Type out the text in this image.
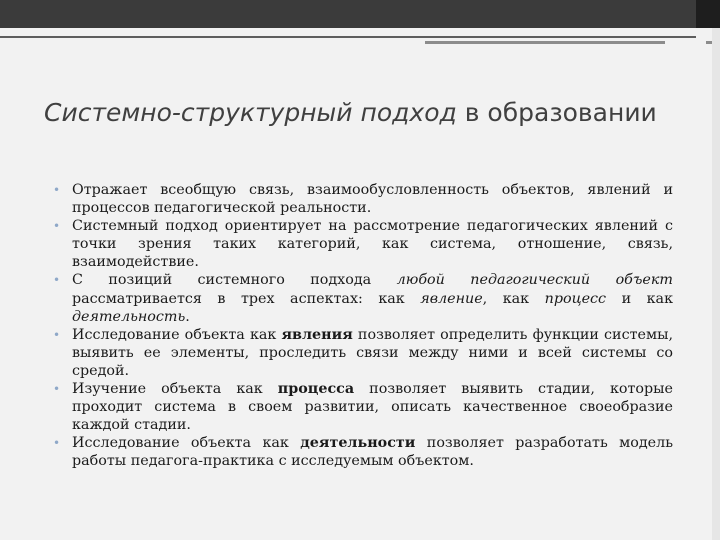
Системно-структурный подход в образовании
• Отражает всеобщую связь, взаимообусловленность объектов, явлений и процессов педагогической реальности.
• Системный подход ориентирует на рассмотрение педагогических явлений с точки зрения таких категорий, как система, отношение, связь, взаимодействие.
• С позиций системного подхода любой педагогический объект рассматривается в трех аспектах: как явление, как процесс и как деятельность.
• Исследование объекта как явления позволяет определить функции системы, выявить ее элементы, проследить связи между ними и всей системы со средой.
• Изучение объекта как процесса позволяет выявить стадии, которые проходит система в своем развитии, описать качественное своеобразие каждой стадии.
• Исследование объекта как деятельности позволяет разработать модель работы педагога-практика с исследуемым объектом.
